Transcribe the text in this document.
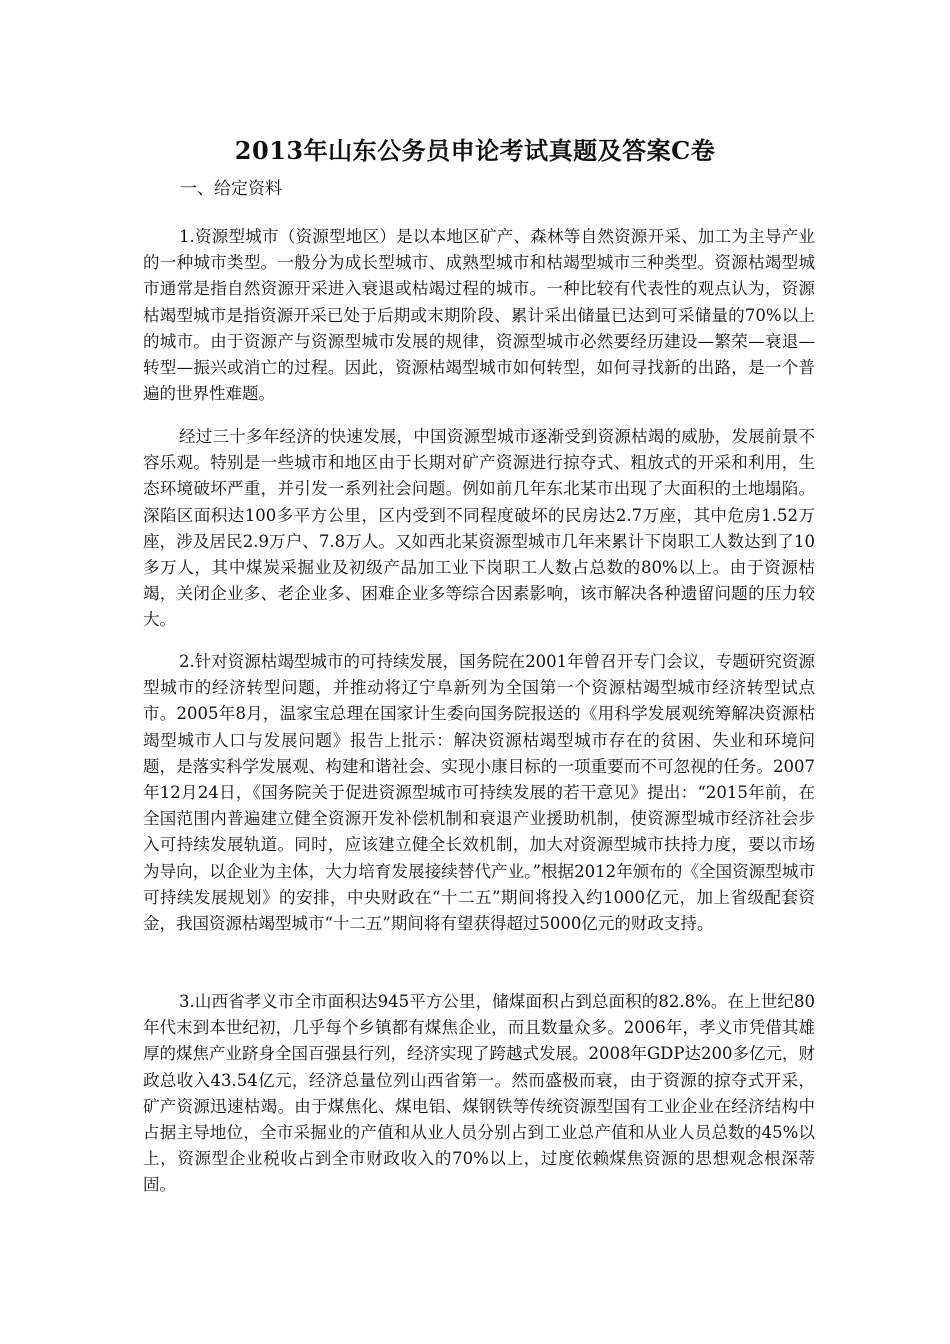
2013年山东公务员申论考试真题及答案C卷
一、给定资料

1.资源型城市（资源型地区）是以本地区矿产、森林等自然资源开采、加工为主导产业的一种城市类型。一般分为成长型城市、成熟型城市和枯竭型城市三种类型。资源枯竭型城市通常是指自然资源开采进入衰退或枯竭过程的城市。一种比较有代表性的观点认为，资源枯竭型城市是指资源开采已处于后期或末期阶段、累计采出储量已达到可采储量的70%以上的城市。由于资源产与资源型城市发展的规律，资源型城市必然要经历建设—繁荣—衰退—转型—振兴或消亡的过程。因此，资源枯竭型城市如何转型，如何寻找新的出路，是一个普遍的世界性难题。

经过三十多年经济的快速发展，中国资源型城市逐渐受到资源枯竭的威胁，发展前景不容乐观。特别是一些城市和地区由于长期对矿产资源进行掠夺式、粗放式的开采和利用，生态环境破坏严重，并引发一系列社会问题。例如前几年东北某市出现了大面积的土地塌陷。深陷区面积达100多平方公里，区内受到不同程度破坏的民房达2.7万座，其中危房1.52万座，涉及居民2.9万户、7.8万人。又如西北某资源型城市几年来累计下岗职工人数达到了10多万人，其中煤炭采掘业及初级产品加工业下岗职工人数占总数的80%以上。由于资源枯竭，关闭企业多、老企业多、困难企业多等综合因素影响，该市解决各种遗留问题的压力较大。

2.针对资源枯竭型城市的可持续发展，国务院在2001年曾召开专门会议，专题研究资源型城市的经济转型问题，并推动将辽宁阜新列为全国第一个资源枯竭型城市经济转型试点市。2005年8月，温家宝总理在国家计生委向国务院报送的《用科学发展观统筹解决资源枯竭型城市人口与发展问题》报告上批示：解决资源枯竭型城市存在的贫困、失业和环境问题，是落实科学发展观、构建和谐社会、实现小康目标的一项重要而不可忽视的任务。2007年12月24日，《国务院关于促进资源型城市可持续发展的若干意见》提出：“2015年前，在全国范围内普遍建立健全资源开发补偿机制和衰退产业援助机制，使资源型城市经济社会步入可持续发展轨道。同时，应该建立健全长效机制，加大对资源型城市扶持力度，要以市场为导向，以企业为主体，大力培育发展接续替代产业。”根据2012年颁布的《全国资源型城市可持续发展规划》的安排，中央财政在“十二五”期间将投入约1000亿元，加上省级配套资金，我国资源枯竭型城市“十二五”期间将有望获得超过5000亿元的财政支持。

3.山西省孝义市全市面积达945平方公里，储煤面积占到总面积的82.8%。在上世纪80年代末到本世纪初，几乎每个乡镇都有煤焦企业，而且数量众多。2006年，孝义市凭借其雄厚的煤焦产业跻身全国百强县行列，经济实现了跨越式发展。2008年GDP达200多亿元，财政总收入43.54亿元，经济总量位列山西省第一。然而盛极而衰，由于资源的掠夺式开采，矿产资源迅速枯竭。由于煤焦化、煤电铝、煤钢铁等传统资源型国有工业企业在经济结构中占据主导地位，全市采掘业的产值和从业人员分别占到工业总产值和从业人员总数的45%以上，资源型企业税收占到全市财政收入的70%以上，过度依赖煤焦资源的思想观念根深蒂固。
